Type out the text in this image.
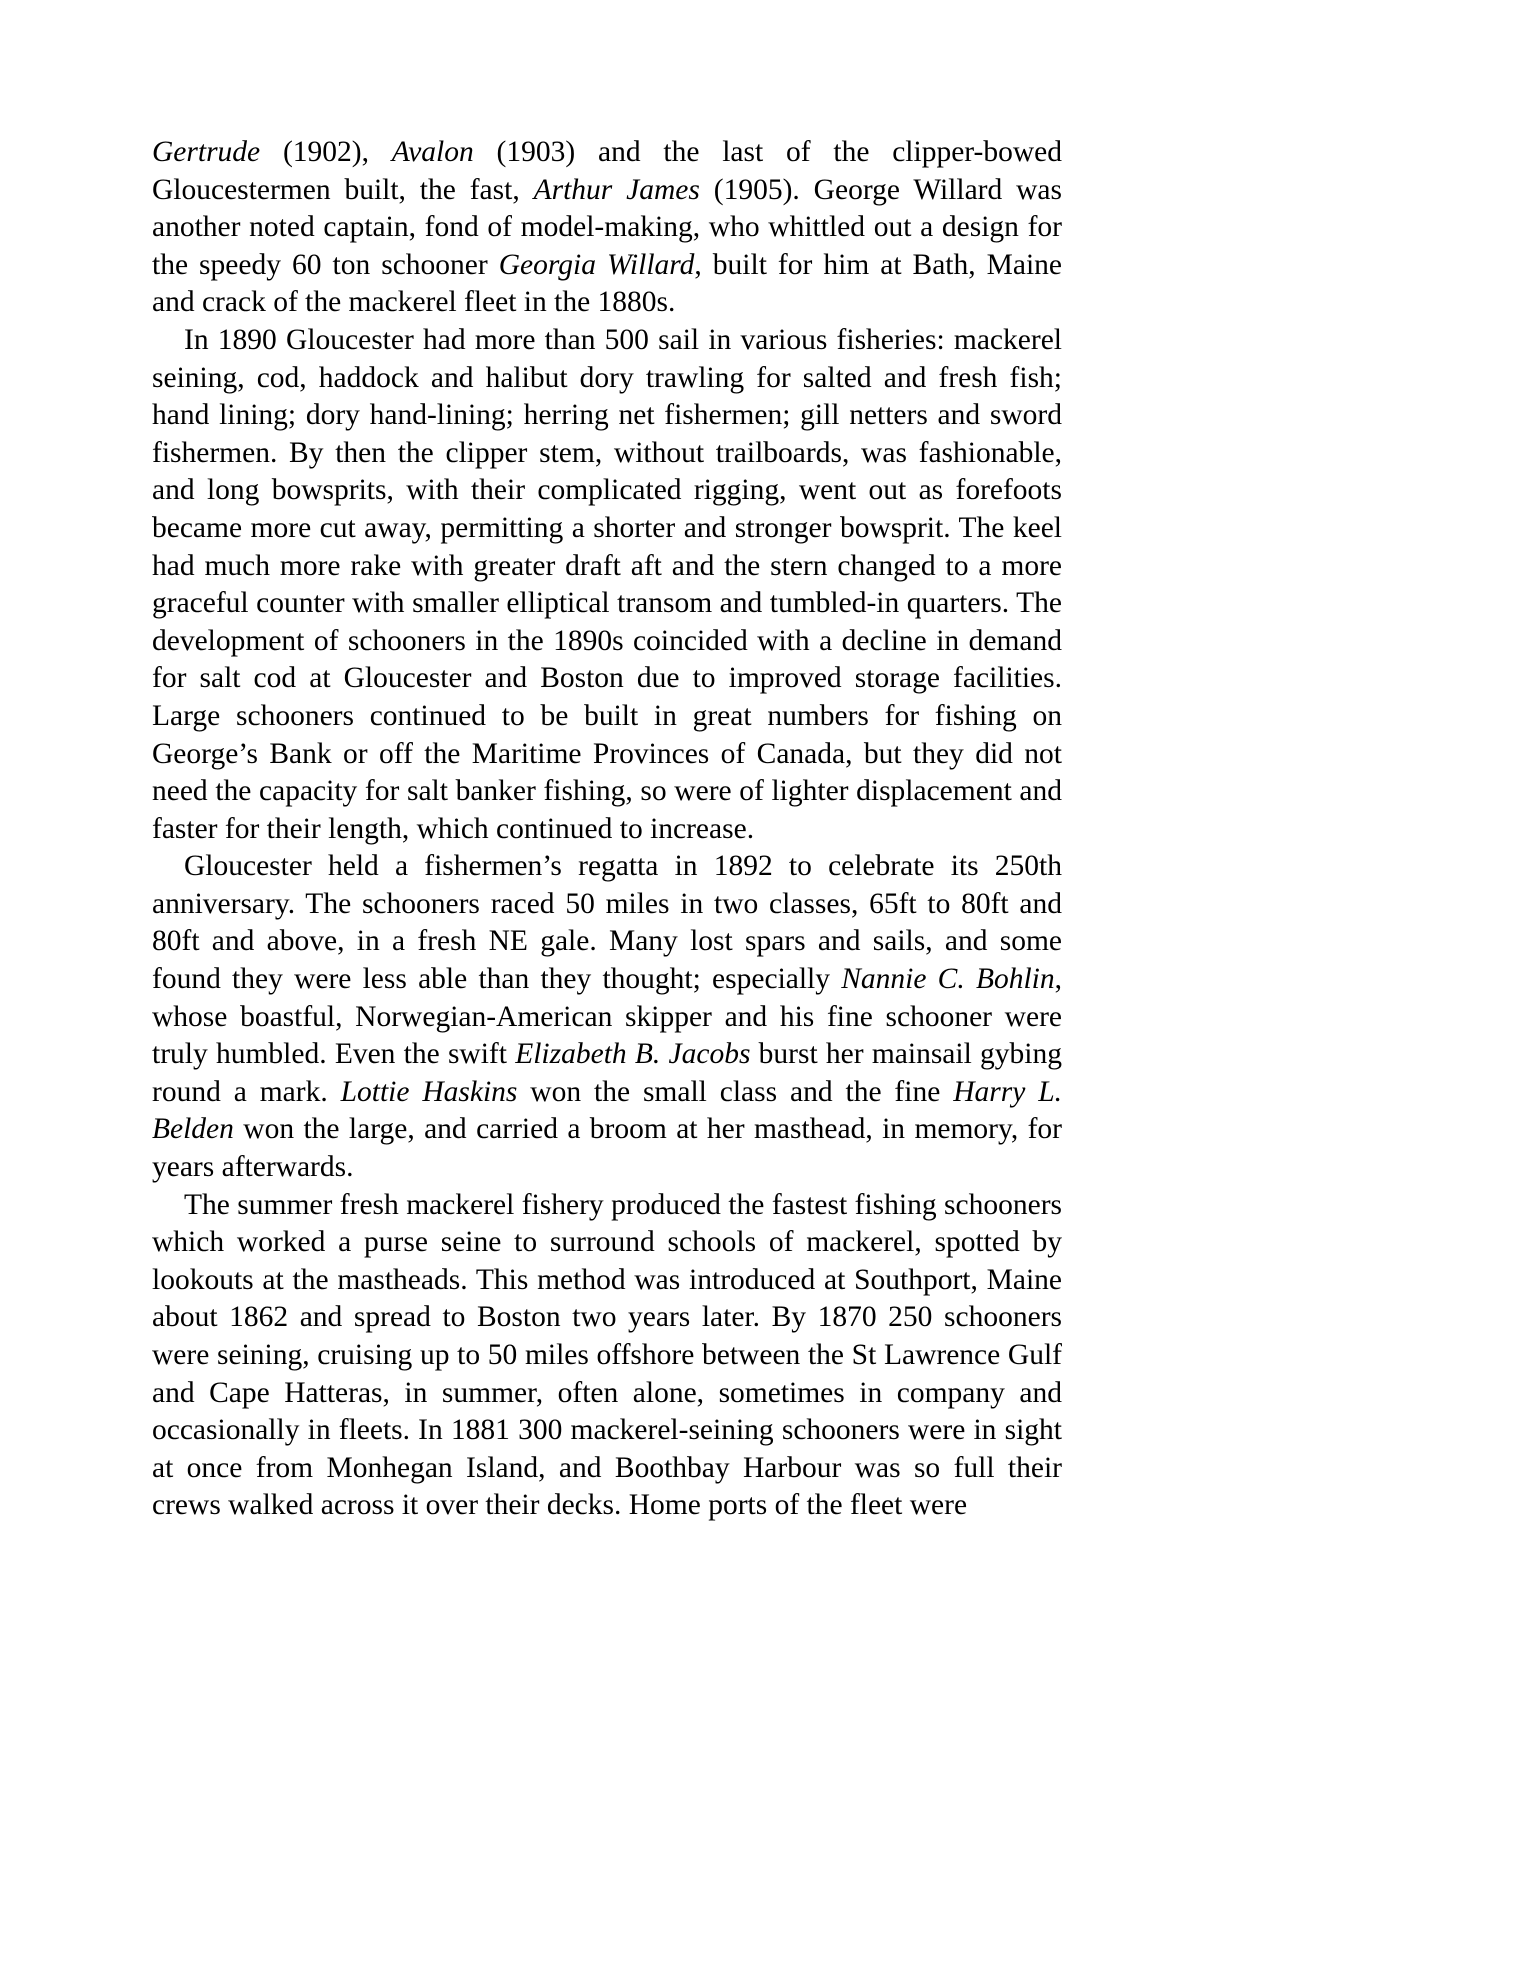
Gertrude (1902), Avalon (1903) and the last of the clipper-bowed Gloucestermen built, the fast, Arthur James (1905). George Willard was another noted captain, fond of model-making, who whittled out a design for the speedy 60 ton schooner Georgia Willard, built for him at Bath, Maine and crack of the mackerel fleet in the 1880s.

In 1890 Gloucester had more than 500 sail in various fisheries: mackerel seining, cod, haddock and halibut dory trawling for salted and fresh fish; hand lining; dory hand-lining; herring net fishermen; gill netters and sword fishermen. By then the clipper stem, without trailboards, was fashionable, and long bowsprits, with their complicated rigging, went out as forefoots became more cut away, permitting a shorter and stronger bowsprit. The keel had much more rake with greater draft aft and the stern changed to a more graceful counter with smaller elliptical transom and tumbled-in quarters. The development of schooners in the 1890s coincided with a decline in demand for salt cod at Gloucester and Boston due to improved storage facilities. Large schooners continued to be built in great numbers for fishing on George’s Bank or off the Maritime Provinces of Canada, but they did not need the capacity for salt banker fishing, so were of lighter displacement and faster for their length, which continued to increase.

Gloucester held a fishermen’s regatta in 1892 to celebrate its 250th anniversary. The schooners raced 50 miles in two classes, 65ft to 80ft and 80ft and above, in a fresh NE gale. Many lost spars and sails, and some found they were less able than they thought; especially Nannie C. Bohlin, whose boastful, Norwegian-American skipper and his fine schooner were truly humbled. Even the swift Elizabeth B. Jacobs burst her mainsail gybing round a mark. Lottie Haskins won the small class and the fine Harry L. Belden won the large, and carried a broom at her masthead, in memory, for years afterwards.

The summer fresh mackerel fishery produced the fastest fishing schooners which worked a purse seine to surround schools of mackerel, spotted by lookouts at the mastheads. This method was introduced at Southport, Maine about 1862 and spread to Boston two years later. By 1870 250 schooners were seining, cruising up to 50 miles offshore between the St Lawrence Gulf and Cape Hatteras, in summer, often alone, sometimes in company and occasionally in fleets. In 1881 300 mackerel-seining schooners were in sight at once from Monhegan Island, and Boothbay Harbour was so full their crews walked across it over their decks. Home ports of the fleet were
